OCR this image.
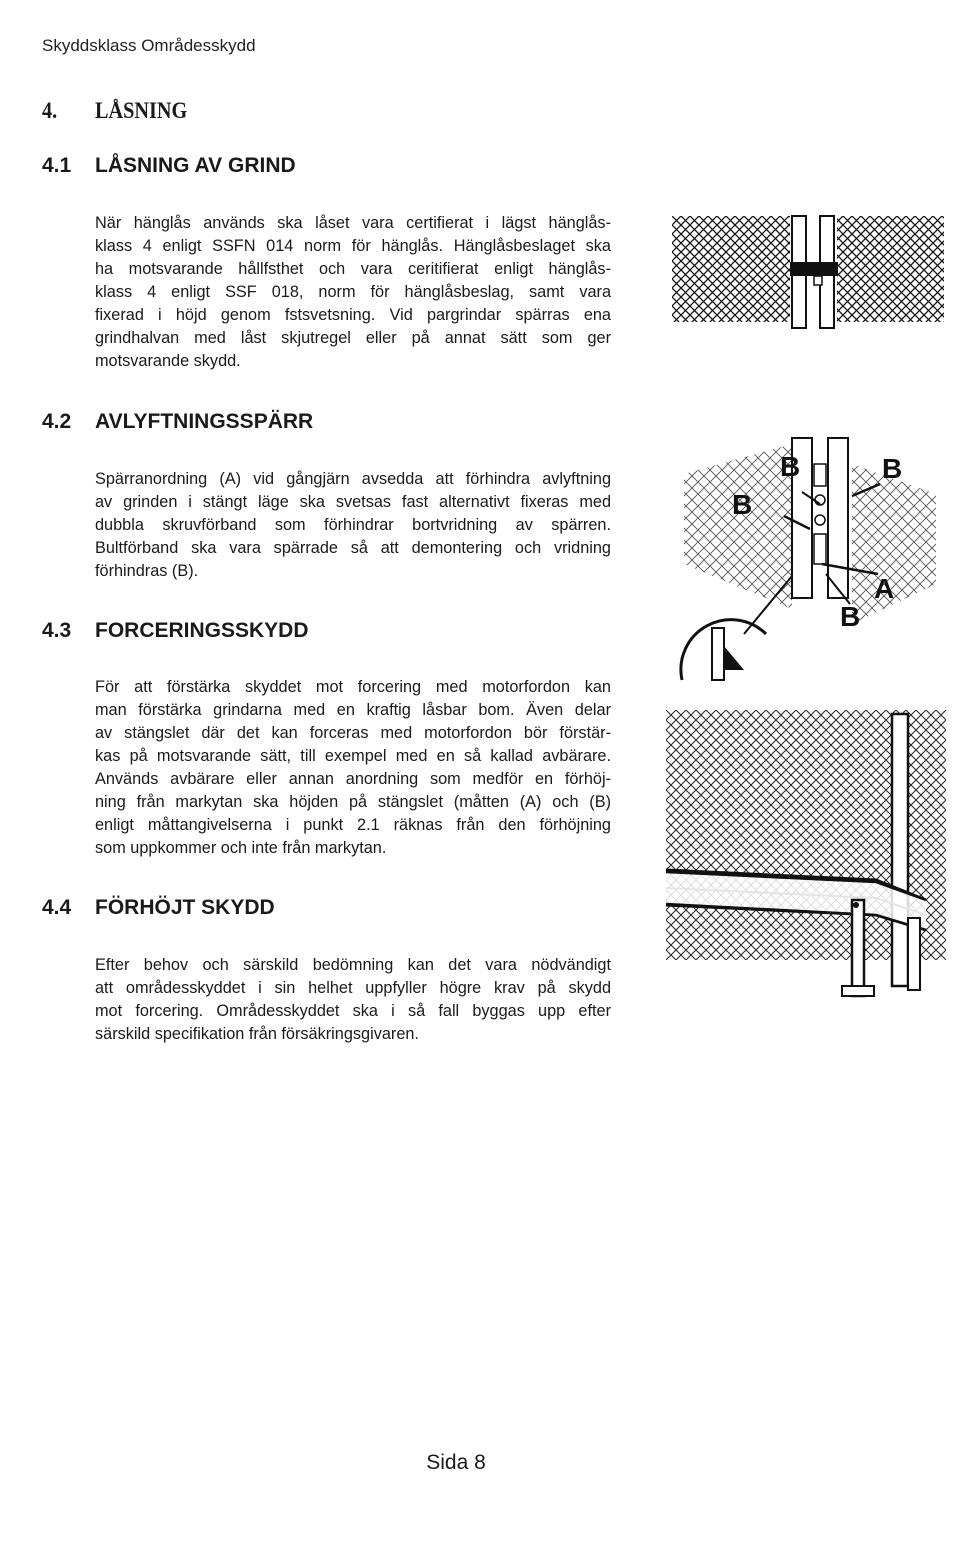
Skyddsklass Områdesskydd
4. LÅSNING
4.1 LÅSNING AV GRIND
När hänglås används ska låset vara certifierat i lägst hänglås-
klass 4 enligt SSFN 014 norm för hänglås. Hänglåsbeslaget ska
ha motsvarande hållfsthet och vara ceritifierat enligt hänglås-
klass 4 enligt SSF 018, norm för hänglåsbeslag, samt vara
fixerad i höjd genom fstsvetsning. Vid pargrindar spärras ena
grindhalvan med låst skjutregel eller på annat sätt som ger
motsvarande skydd.
4.2 AVLYFTNINGSSPÄRR
Spärranordning (A) vid gångjärn avsedda att förhindra avlyftning
av grinden i stängt läge ska svetsas fast alternativt fixeras med
dubbla skruvförband som förhindrar bortvridning av spärren.
Bultförband ska vara spärrade så att demontering och vridning
förhindras (B).
4.3 FORCERINGSSKYDD
För att förstärka skyddet mot forcering med motorfordon kan
man förstärka grindarna med en kraftig låsbar bom. Även delar
av stängslet där det kan forceras med motorfordon bör förstär-
kas på motsvarande sätt, till exempel med en så kallad avbärare.
Används avbärare eller annan anordning som medför en förhöj-
ning från markytan ska höjden på stängslet (måtten (A) och (B)
enligt måttangivelserna i punkt 2.1 räknas från den förhöjning
som uppkommer och inte från markytan.
4.4 FÖRHÖJT SKYDD
Efter behov och särskild bedömning kan det vara nödvändigt
att områdesskyddet i sin helhet uppfyller högre krav på skydd
mot forcering. Områdesskyddet ska i så fall byggas upp efter
särskild specifikation från försäkringsgivaren.
B	B
B
A
B
Sida 8
